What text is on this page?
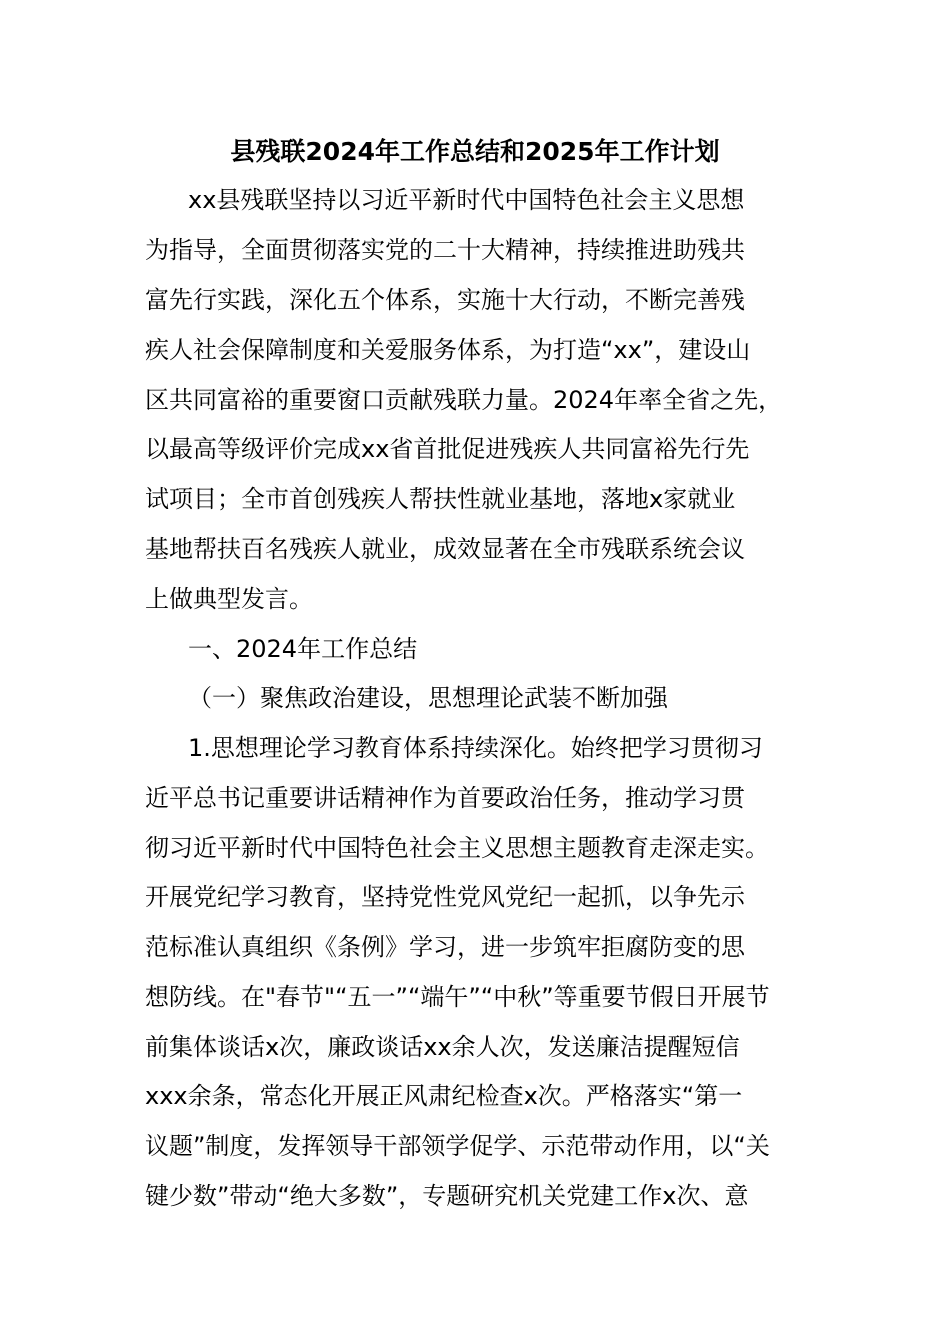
县残联2024年工作总结和2025年工作计划
xx县残联坚持以习近平新时代中国特色社会主义思想
为指导，全面贯彻落实党的二十大精神，持续推进助残共
富先行实践，深化五个体系，实施十大行动，不断完善残
疾人社会保障制度和关爱服务体系，为打造“xx”，建设山
区共同富裕的重要窗口贡献残联力量。2024年率全省之先，
以最高等级评价完成xx省首批促进残疾人共同富裕先行先
试项目；全市首创残疾人帮扶性就业基地，落地x家就业
基地帮扶百名残疾人就业，成效显著在全市残联系统会议
上做典型发言。
一、2024年工作总结
（一）聚焦政治建设，思想理论武装不断加强
1.思想理论学习教育体系持续深化。始终把学习贯彻习
近平总书记重要讲话精神作为首要政治任务，推动学习贯
彻习近平新时代中国特色社会主义思想主题教育走深走实。
开展党纪学习教育，坚持党性党风党纪一起抓，以争先示
范标准认真组织《条例》学习，进一步筑牢拒腐防变的思
想防线。在"春节"“五一”“端午”“中秋”等重要节假日开展节
前集体谈话x次，廉政谈话xx余人次，发送廉洁提醒短信
xxx余条，常态化开展正风肃纪检查x次。严格落实“第一
议题”制度，发挥领导干部领学促学、示范带动作用，以“关
键少数”带动“绝大多数”，专题研究机关党建工作x次、意
